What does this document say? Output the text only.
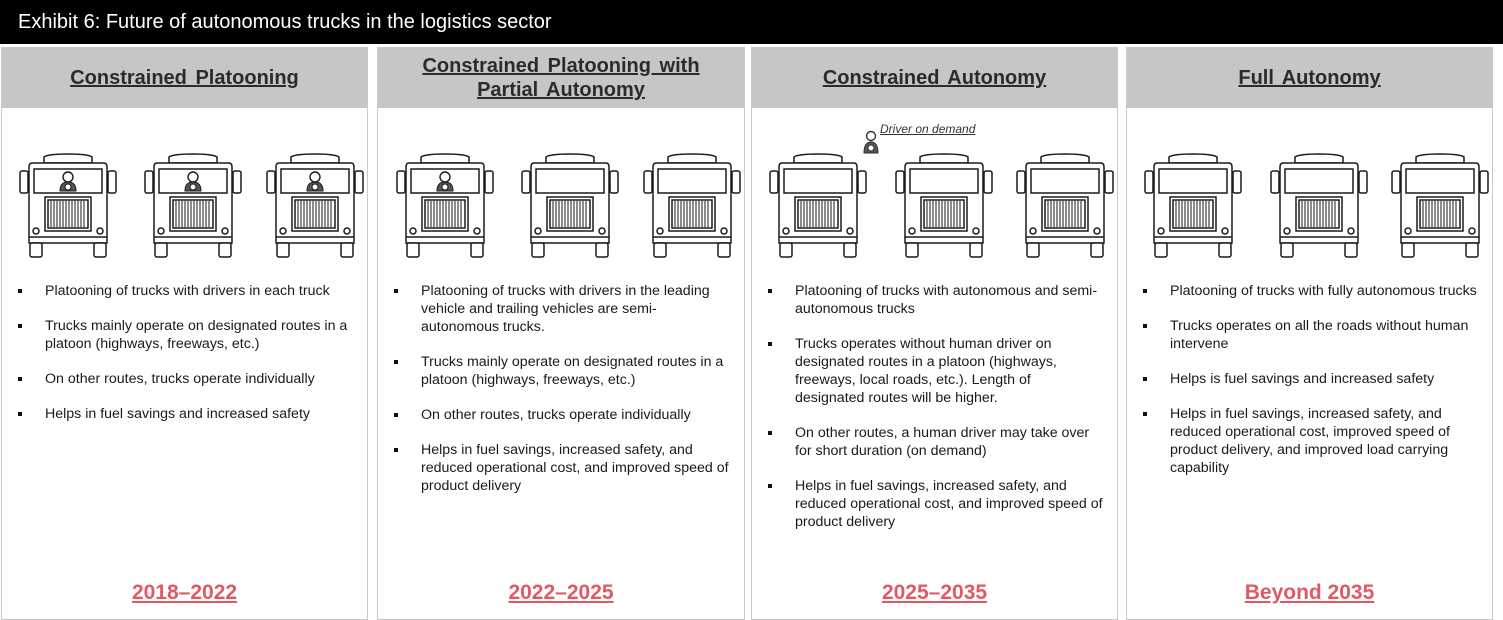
Exhibit 6: Future of autonomous trucks in the logistics sector
Constrained Platooning
Platooning of trucks with drivers in each truck
Trucks mainly operate on designated routes in a platoon (highways, freeways, etc.)
On other routes, trucks operate individually
Helps in fuel savings and increased safety
2018–2022
Constrained Platooning with Partial Autonomy
Platooning of trucks with drivers in the leading vehicle and trailing vehicles are semi-autonomous trucks.
Trucks mainly operate on designated routes in a platoon (highways, freeways, etc.)
On other routes, trucks operate individually
Helps in fuel savings, increased safety, and reduced operational cost, and improved speed of product delivery
2022–2025
Constrained Autonomy
Driver on demand
Platooning of trucks with autonomous and semi-autonomous trucks
Trucks operates without human driver on designated routes in a platoon (highways, freeways, local roads, etc.). Length of designated routes will be higher.
On other routes, a human driver may take over for short duration (on demand)
Helps in fuel savings, increased safety, and reduced operational cost, and improved speed of product delivery
2025–2035
Full Autonomy
Platooning of trucks with fully autonomous trucks
Trucks operates on all the roads without human intervene
Helps is fuel savings and increased safety
Helps in fuel savings, increased safety, and reduced operational cost, improved speed of product delivery, and improved load carrying capability
Beyond 2035
